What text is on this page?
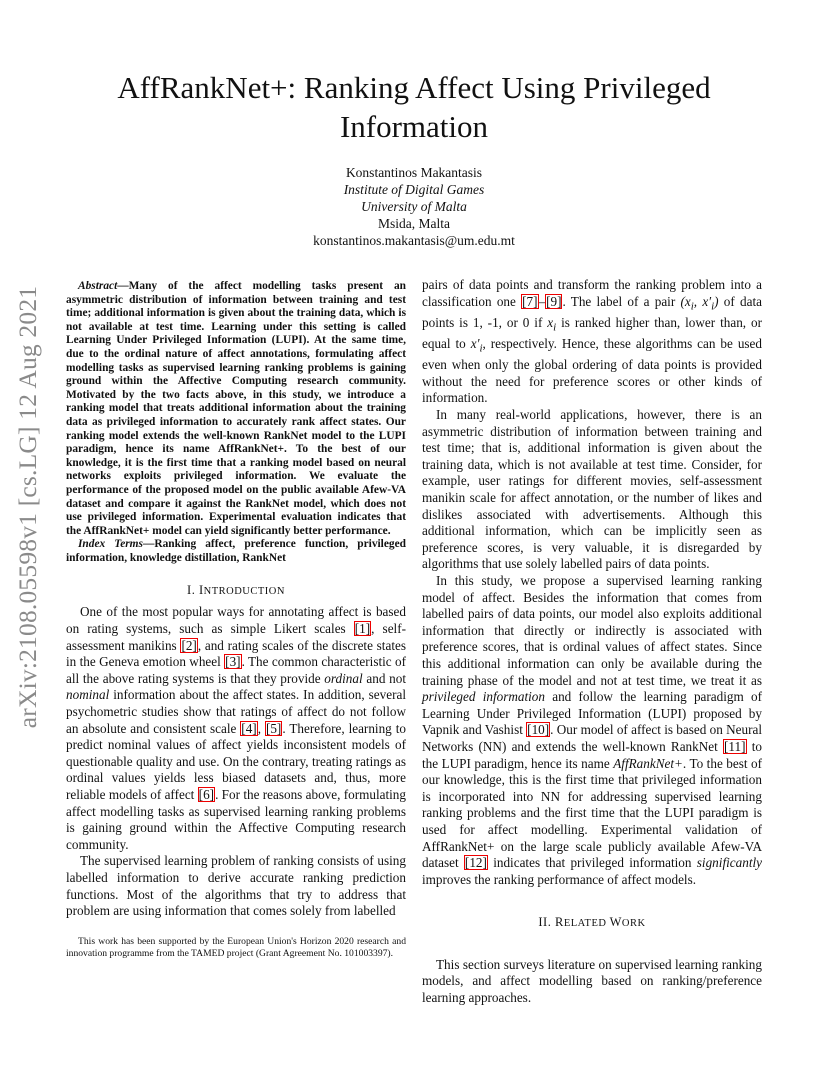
AffRankNet+: Ranking Affect Using Privileged
Information
Konstantinos Makantasis
Institute of Digital Games
University of Malta
Msida, Malta
konstantinos.makantasis@um.edu.mt
arXiv:2108.05598v1 [cs.LG] 12 Aug 2021	Abstract—Many of the affect modelling tasks present an asymmetric distribution of information between training and test time; additional information is given about the training data, which is not available at test time. Learning under this setting is called Learning Under Privileged Information (LUPI). At the same time, due to the ordinal nature of affect annotations, formulating affect modelling tasks as supervised learning ranking problems is gaining ground within the Affective Computing research community. Motivated by the two facts above, in this study, we introduce a ranking model that treats additional information about the training data as privileged information to accurately rank affect states. Our ranking model extends the well-known RankNet model to the LUPI paradigm, hence its name AffRankNet+. To the best of our knowledge, it is the first time that a ranking model based on neural networks exploits privileged information. We evaluate the performance of the proposed model on the public available Afew-VA dataset and compare it against the RankNet model, which does not use privileged information. Experimental evaluation indicates that the AffRankNet+ model can yield significantly better performance.

Index Terms—Ranking affect, preference function, privileged information, knowledge distillation, RankNet

I. INTRODUCTION

One of the most popular ways for annotating affect is based on rating systems, such as simple Likert scales [1], self-assessment manikins [2], and rating scales of the discrete states in the Geneva emotion wheel [3]. The common characteristic of all the above rating systems is that they provide ordinal and not nominal information about the affect states. In addition, several psychometric studies show that ratings of affect do not follow an absolute and consistent scale [4], [5]. Therefore, learning to predict nominal values of affect yields inconsistent models of questionable quality and use. On the contrary, treating ratings as ordinal values yields less biased datasets and, thus, more reliable models of affect [6]. For the reasons above, formulating affect modelling tasks as supervised learning ranking problems is gaining ground within the Affective Computing research community.

The supervised learning problem of ranking consists of using labelled information to derive accurate ranking prediction functions. Most of the algorithms that try to address that problem are using information that comes solely from labelled

This work has been supported by the European Union's Horizon 2020 research and innovation programme from the TAMED project (Grant Agreement No. 101003397).

pairs of data points and transform the ranking problem into a classification one [7]–[9]. The label of a pair ($x_i$, $x'_i$) of data points is 1, -1, or 0 if $x_i$ is ranked higher than, lower than, or equal to $x'_i$, respectively. Hence, these algorithms can be used even when only the global ordering of data points is provided without the need for preference scores or other kinds of information.

In many real-world applications, however, there is an asymmetric distribution of information between training and test time; that is, additional information is given about the training data, which is not available at test time. Consider, for example, user ratings for different movies, self-assessment manikin scale for affect annotation, or the number of likes and dislikes associated with advertisements. Although this additional information, which can be implicitly seen as preference scores, is very valuable, it is disregarded by algorithms that use solely labelled pairs of data points.

In this study, we propose a supervised learning ranking model of affect. Besides the information that comes from labelled pairs of data points, our model also exploits additional information that directly or indirectly is associated with preference scores, that is ordinal values of affect states. Since this additional information can only be available during the training phase of the model and not at test time, we treat it as privileged information and follow the learning paradigm of Learning Under Privileged Information (LUPI) proposed by Vapnik and Vashist [10]. Our model of affect is based on Neural Networks (NN) and extends the well-known RankNet [11] to the LUPI paradigm, hence its name AffRankNet+. To the best of our knowledge, this is the first time that privileged information is incorporated into NN for addressing supervised learning ranking problems and the first time that the LUPI paradigm is used for affect modelling. Experimental validation of AffRankNet+ on the large scale publicly available Afew-VA dataset [12] indicates that privileged information significantly improves the ranking performance of affect models.

II. RELATED WORK

This section surveys literature on supervised learning ranking models, and affect modelling based on ranking/preference learning approaches.
